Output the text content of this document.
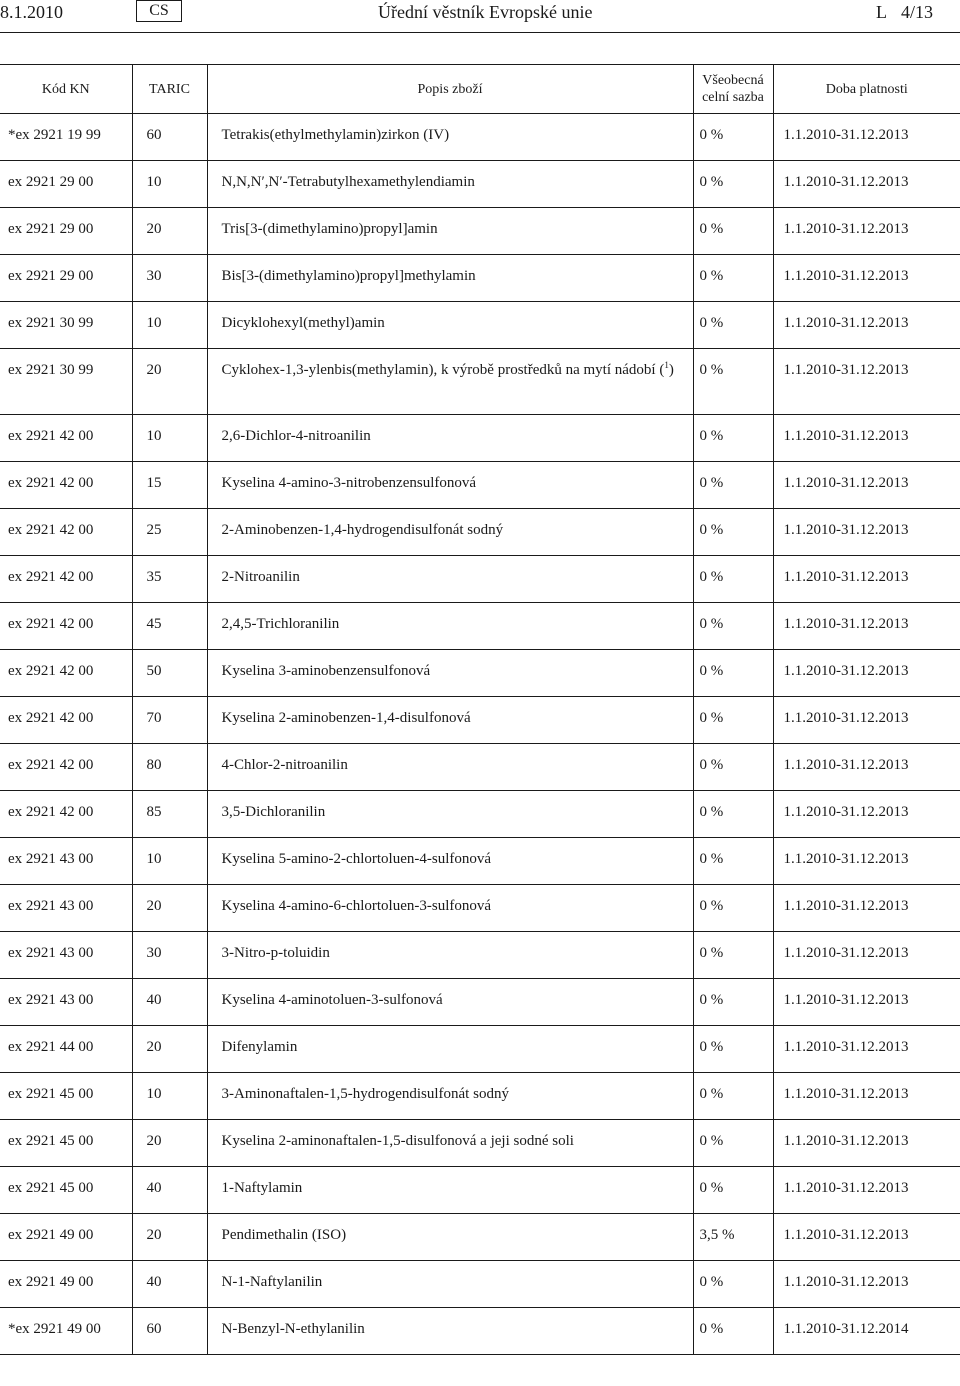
8.1.2010	CS	Úřední věstník Evropské unie	L 4/13
Kód KN	TARIC	Popis zboží	Všeobecná celní sazba	Doba platnosti
*ex 2921 19 99	60	Tetrakis(ethylmethylamin)zirkon (IV)	0 %	1.1.2010-31.12.2013
ex 2921 29 00	10	N,N,N′,N′-Tetrabutylhexamethylendiamin	0 %	1.1.2010-31.12.2013
ex 2921 29 00	20	Tris[3-(dimethylamino)propyl]amin	0 %	1.1.2010-31.12.2013
ex 2921 29 00	30	Bis[3-(dimethylamino)propyl]methylamin	0 %	1.1.2010-31.12.2013
ex 2921 30 99	10	Dicyklohexyl(methyl)amin	0 %	1.1.2010-31.12.2013
ex 2921 30 99	20	Cyklohex-1,3-ylenbis(methylamin), k výrobě prostředků na mytí nádobí ($^1$)	0 %	1.1.2010-31.12.2013
ex 2921 42 00	10	2,6-Dichlor-4-nitroanilin	0 %	1.1.2010-31.12.2013
ex 2921 42 00	15	Kyselina 4-amino-3-nitrobenzensulfonová	0 %	1.1.2010-31.12.2013
ex 2921 42 00	25	2-Aminobenzen-1,4-hydrogendisulfonát sodný	0 %	1.1.2010-31.12.2013
ex 2921 42 00	35	2-Nitroanilin	0 %	1.1.2010-31.12.2013
ex 2921 42 00	45	2,4,5-Trichloranilin	0 %	1.1.2010-31.12.2013
ex 2921 42 00	50	Kyselina 3-aminobenzensulfonová	0 %	1.1.2010-31.12.2013
ex 2921 42 00	70	Kyselina 2-aminobenzen-1,4-disulfonová	0 %	1.1.2010-31.12.2013
ex 2921 42 00	80	4-Chlor-2-nitroanilin	0 %	1.1.2010-31.12.2013
ex 2921 42 00	85	3,5-Dichloranilin	0 %	1.1.2010-31.12.2013
ex 2921 43 00	10	Kyselina 5-amino-2-chlortoluen-4-sulfonová	0 %	1.1.2010-31.12.2013
ex 2921 43 00	20	Kyselina 4-amino-6-chlortoluen-3-sulfonová	0 %	1.1.2010-31.12.2013
ex 2921 43 00	30	3-Nitro-p-toluidin	0 %	1.1.2010-31.12.2013
ex 2921 43 00	40	Kyselina 4-aminotoluen-3-sulfonová	0 %	1.1.2010-31.12.2013
ex 2921 44 00	20	Difenylamin	0 %	1.1.2010-31.12.2013
ex 2921 45 00	10	3-Aminonaftalen-1,5-hydrogendisulfonát sodný	0 %	1.1.2010-31.12.2013
ex 2921 45 00	20	Kyselina 2-aminonaftalen-1,5-disulfonová a jeji sodné soli	0 %	1.1.2010-31.12.2013
ex 2921 45 00	40	1-Naftylamin	0 %	1.1.2010-31.12.2013
ex 2921 49 00	20	Pendimethalin (ISO)	3,5 %	1.1.2010-31.12.2013
ex 2921 49 00	40	N-1-Naftylanilin	0 %	1.1.2010-31.12.2013
*ex 2921 49 00	60	N-Benzyl-N-ethylanilin	0 %	1.1.2010-31.12.2014
